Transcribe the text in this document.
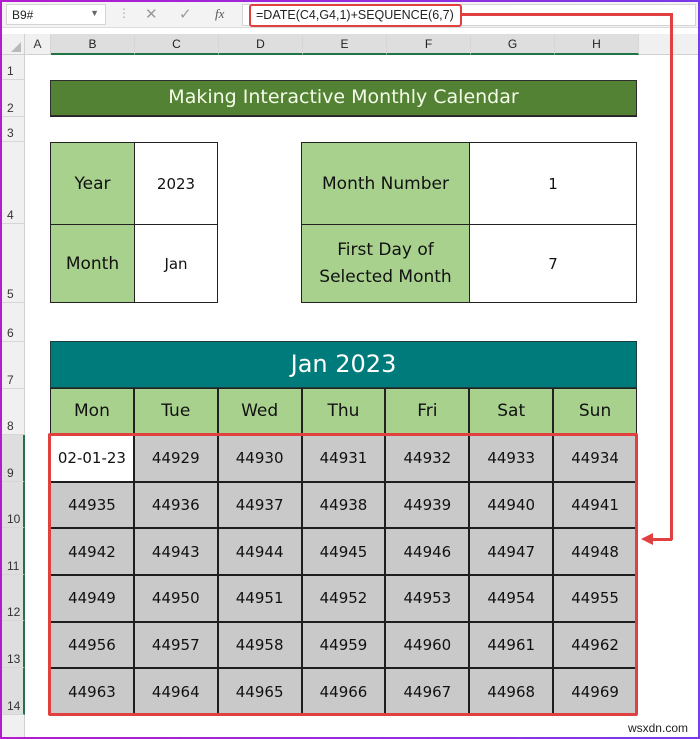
B9#	▼ ⋮ ✕ ✓ fx	=DATE(C4,G4,1)+SEQUENCE(6,7)
A	B	C	D	E	F	G	H
1
2
3
4
5
6
7
8
9
10
11
12
13
14
Making Interactive Monthly Calendar
Year	2023
Month	Jan
Month Number	1
First Day of
Selected Month	7
Jan 2023
Mon	Tue	Wed	Thu	Fri	Sat	Sun
02-01-23	44929	44930	44931	44932	44933	44934
44935	44936	44937	44938	44939	44940	44941
44942	44943	44944	44945	44946	44947	44948
44949	44950	44951	44952	44953	44954	44955
44956	44957	44958	44959	44960	44961	44962
44963	44964	44965	44966	44967	44968	44969
wsxdn.com
